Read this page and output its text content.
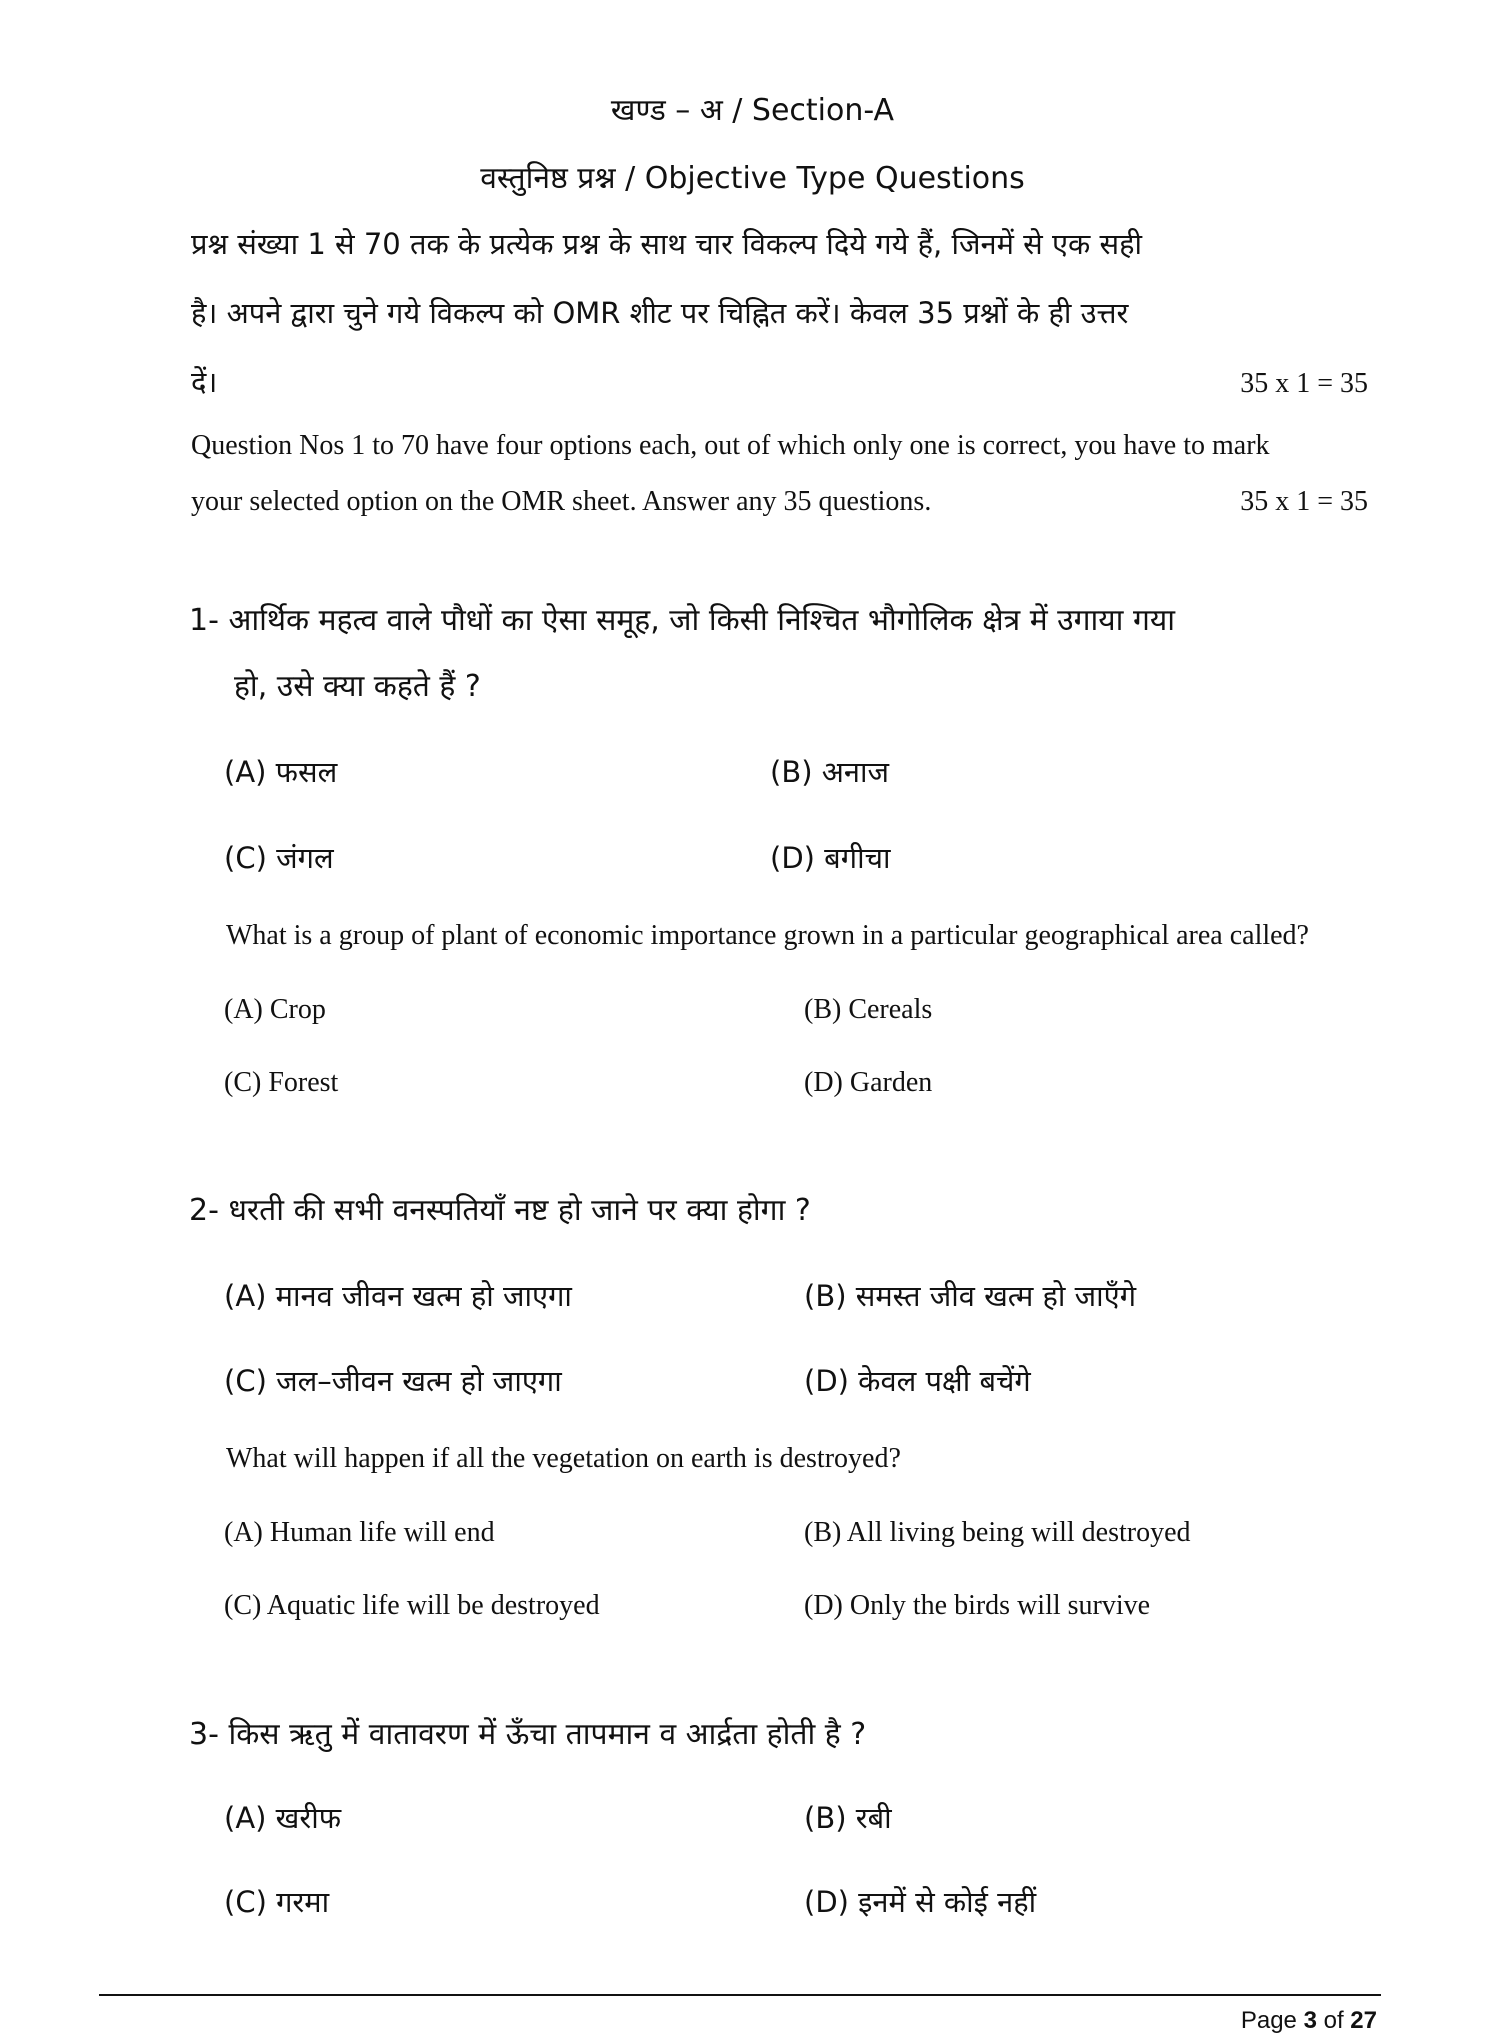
खण्ड – अ / Section-A
वस्तुनिष्ठ प्रश्न / Objective Type Questions
प्रश्न संख्या 1 से 70 तक के प्रत्येक प्रश्न के साथ चार विकल्प दिये गये हैं, जिनमें से एक सही
है। अपने द्वारा चुने गये विकल्प को OMR शीट पर चिह्नित करें। केवल 35 प्रश्नों के ही उत्तर
दें।	35 x 1 = 35
Question Nos 1 to 70 have four options each, out of which only one is correct, you have to mark
your selected option on the OMR sheet. Answer any 35 questions.	35 x 1 = 35
1- आर्थिक महत्व वाले पौधों का ऐसा समूह, जो किसी निश्चित भौगोलिक क्षेत्र में उगाया गया
हो, उसे क्या कहते हैं ?
(A) फसल	(B) अनाज
(C) जंगल	(D) बगीचा
What is a group of plant of economic importance grown in a particular geographical area called?
(A) Crop	(B) Cereals
(C) Forest	(D) Garden
2- धरती की सभी वनस्पतियाँ नष्ट हो जाने पर क्या होगा ?
(A) मानव जीवन खत्म हो जाएगा	(B) समस्त जीव खत्म हो जाएँगे
(C) जल–जीवन खत्म हो जाएगा	(D) केवल पक्षी बचेंगे
What will happen if all the vegetation on earth is destroyed?
(A) Human life will end	(B) All living being will destroyed
(C) Aquatic life will be destroyed	(D) Only the birds will survive
3- किस ऋतु में वातावरण में ऊँचा तापमान व आर्द्रता होती है ?
(A) खरीफ	(B) रबी
(C) गरमा	(D) इनमें से कोई नहीं
Page 3 of 27
